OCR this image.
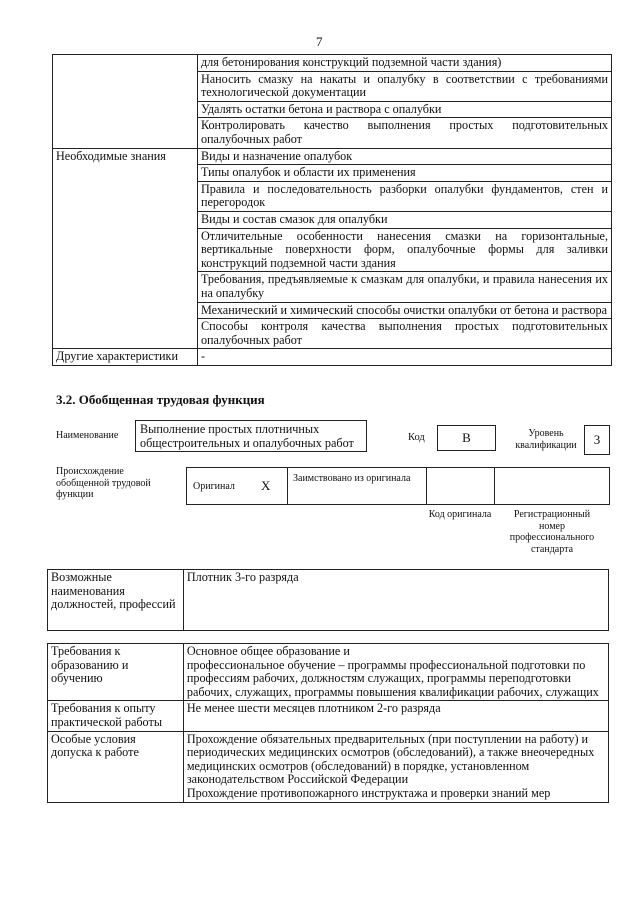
7
	для бетонирования конструкций подземной части здания)
	Наносить смазку на накаты и опалубку в соответствии с требованиями технологической документации
	Удалять остатки бетона и раствора с опалубки
	Контролировать качество выполнения простых подготовительных опалубочных работ
Необходимые знания	Виды и назначение опалубок
	Типы опалубок и области их применения
	Правила и последовательность разборки опалубки фундаментов, стен и перегородок
	Виды и состав смазок для опалубки
	Отличительные особенности нанесения смазки на горизонтальные, вертикальные поверхности форм, опалубочные формы для заливки конструкций подземной части здания
	Требования, предъявляемые к смазкам для опалубки, и правила нанесения их на опалубку
	Механический и химический способы очистки опалубки от бетона и раствора
	Способы контроля качества выполнения простых подготовительных опалубочных работ
Другие характеристики	-
3.2. Обобщенная трудовая функция
Наименование	Выполнение простых плотничных общестроительных и опалубочных работ	Код	В	Уровень квалификации	3
Происхождение обобщенной трудовой функции
Оригинал X Заимствовано из оригинала
Код оригинала	Регистрационный номер профессионального стандарта
Возможные наименования должностей, профессий	Плотник 3-го разряда
Требования к образованию и обучению	Основное общее образование и
профессиональное обучение – программы профессиональной подготовки по профессиям рабочих, должностям служащих, программы переподготовки рабочих, служащих, программы повышения квалификации рабочих, служащих

Требования к опыту практической работы	Не менее шести месяцев плотником 2-го разряда
Особые условия допуска к работе	Прохождение обязательных предварительных (при поступлении на работу) и периодических медицинских осмотров (обследований), а также внеочередных медицинских осмотров (обследований) в порядке, установленном законодательством Российской Федерации
Прохождение противопожарного инструктажа и проверки знаний мер
